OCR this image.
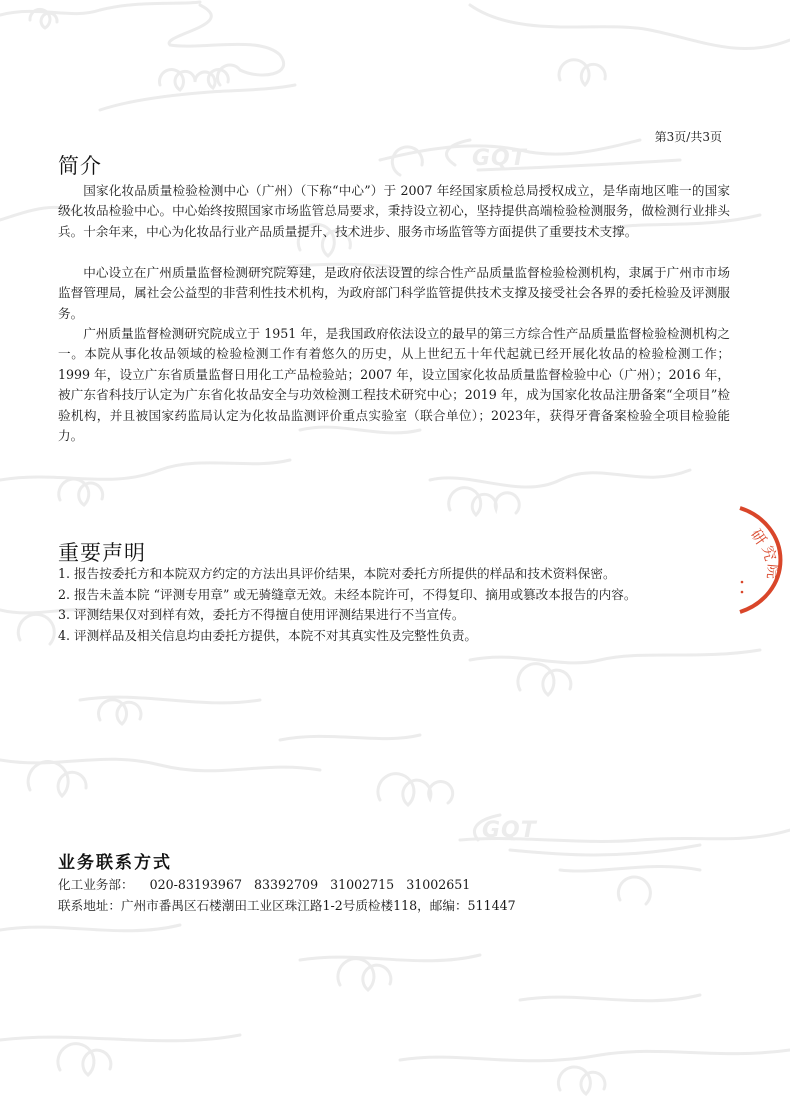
GQT
GQT
第3页/共3页
简介

国家化妆品质量检验检测中心（广州）（下称“中心”）于 2007 年经国家质检总局授权成立，是华南地区唯一的国家级化妆品检验中心。中心始终按照国家市场监管总局要求，秉持设立初心，坚持提供高端检验检测服务，做检测行业排头兵。十余年来，中心为化妆品行业产品质量提升、技术进步、服务市场监管等方面提供了重要技术支撑。

中心设立在广州质量监督检测研究院筹建，是政府依法设置的综合性产品质量监督检验检测机构，隶属于广州市市场监督管理局，属社会公益型的非营利性技术机构，为政府部门科学监管提供技术支撑及接受社会各界的委托检验及评测服务。

广州质量监督检测研究院成立于 1951 年，是我国政府依法设立的最早的第三方综合性产品质量监督检验检测机构之一。本院从事化妆品领域的检验检测工作有着悠久的历史，从上世纪五十年代起就已经开展化妆品的检验检测工作； 1999 年，设立广东省质量监督日用化工产品检验站；2007 年，设立国家化妆品质量监督检验中心（广州）；2016 年，被广东省科技厅认定为广东省化妆品安全与功效检测工程技术研究中心；2019 年，成为国家化妆品注册备案“全项目”检验机构，并且被国家药监局认定为化妆品监测评价重点实验室（联合单位）；2023年，获得牙膏备案检验全项目检验能力。

重要声明
1. 报告按委托方和本院双方约定的方法出具评价结果，本院对委托方所提供的样品和技术资料保密。
2. 报告未盖本院 “评测专用章” 或无骑缝章无效。未经本院许可，不得复印、摘用或篡改本报告的内容。
3. 评测结果仅对到样有效，委托方不得擅自使用评测结果进行不当宣传。
4. 评测样品及相关信息均由委托方提供，本院不对其真实性及完整性负责。
业务联系方式
化工业务部： 020-83193967   83392709   31002715   31002651
联系地址：广州市番禺区石楼潮田工业区珠江路1-2号质检楼118，邮编：511447
研
究
院
